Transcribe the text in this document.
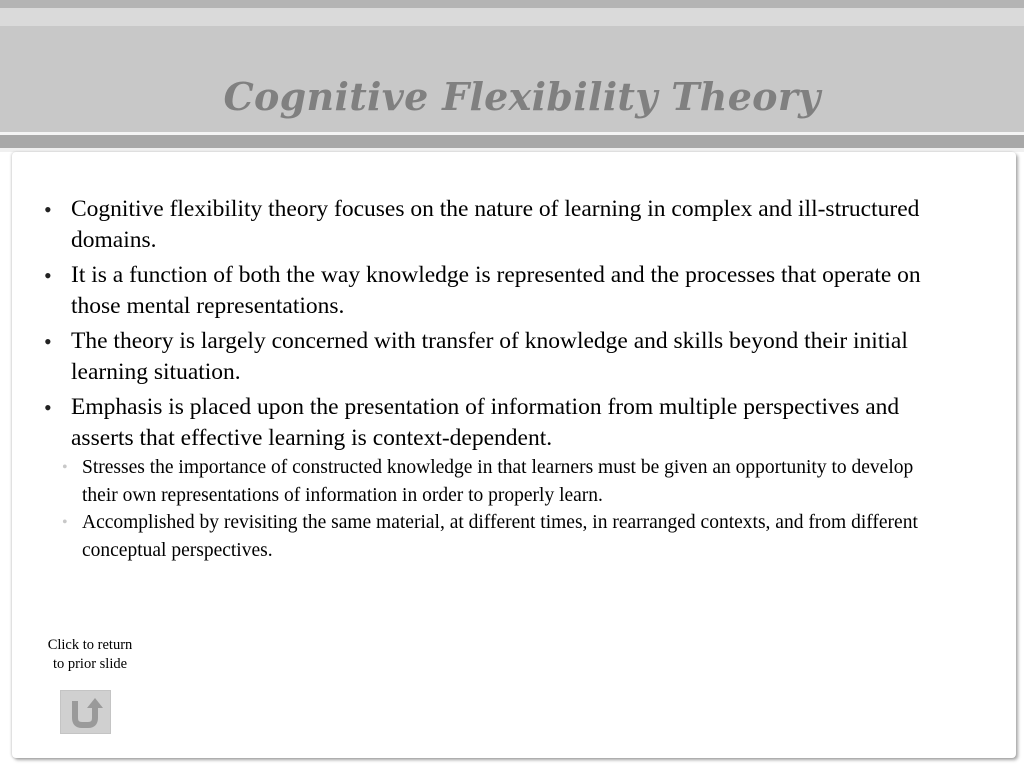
Cognitive Flexibility Theory
• Cognitive flexibility theory focuses on the nature of learning in complex and ill-structured domains.
• It is a function of both the way knowledge is represented and the processes that operate on those mental representations.
• The theory is largely concerned with transfer of knowledge and skills beyond their initial learning situation.
• Emphasis is placed upon the presentation of information from multiple perspectives and asserts that effective learning is context-dependent.
• Stresses the importance of constructed knowledge in that learners must be given an opportunity to develop their own representations of information in order to properly learn.
• Accomplished by revisiting the same material, at different times, in rearranged contexts, and from different conceptual perspectives.
Click to return
to prior slide
